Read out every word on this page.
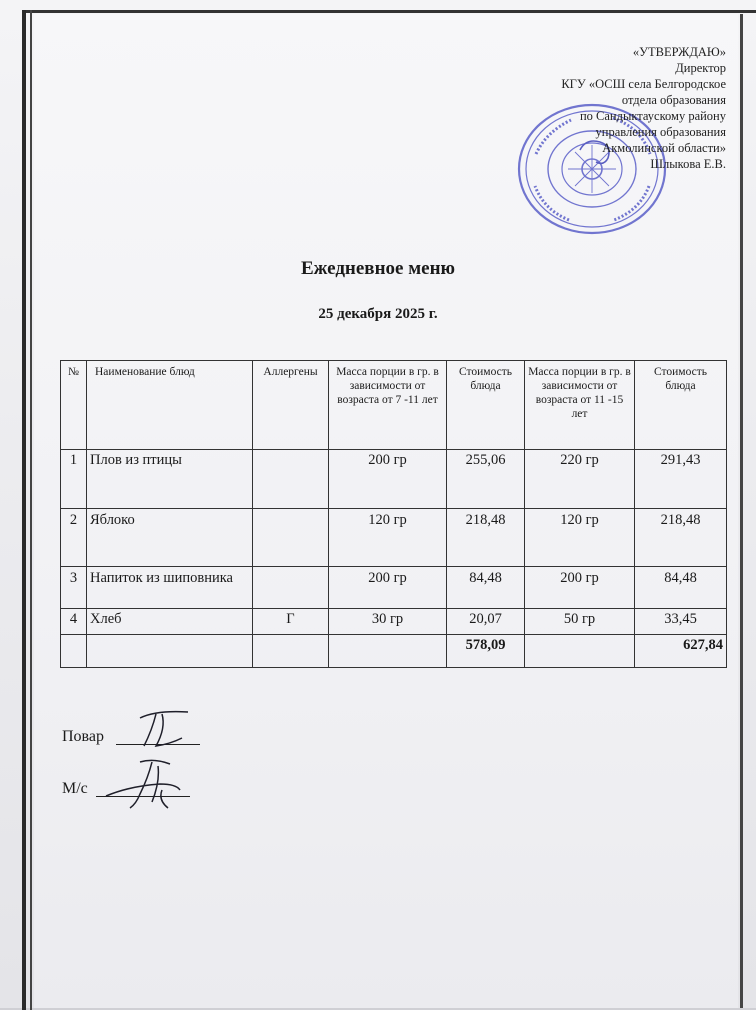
«УТВЕРЖДАЮ»
Директор
КГУ «ОСШ села Белгородское
отдела образования
по Сандыктаускому району
управления образования
Акмолинской области»
Шлыкова Е.В.
Ежедневное меню
25 декабря 2025 г.
№	Наименование блюд	Аллергены	Масса порции в гр. в зависимости от возраста от 7 -11 лет	Стоимость блюда	Масса порции в гр. в зависимости от возраста от 11 -15 лет	Стоимость блюда
1	Плов из птицы		200 гр	255,06	220 гр	291,43
2	Яблоко		120 гр	218,48	120 гр	218,48
3	Напиток из шиповника		200 гр	84,48	200 гр	84,48
4	Хлеб	Г	30 гр	20,07	50 гр	33,45
				578,09		627,84
Повар
М/с
